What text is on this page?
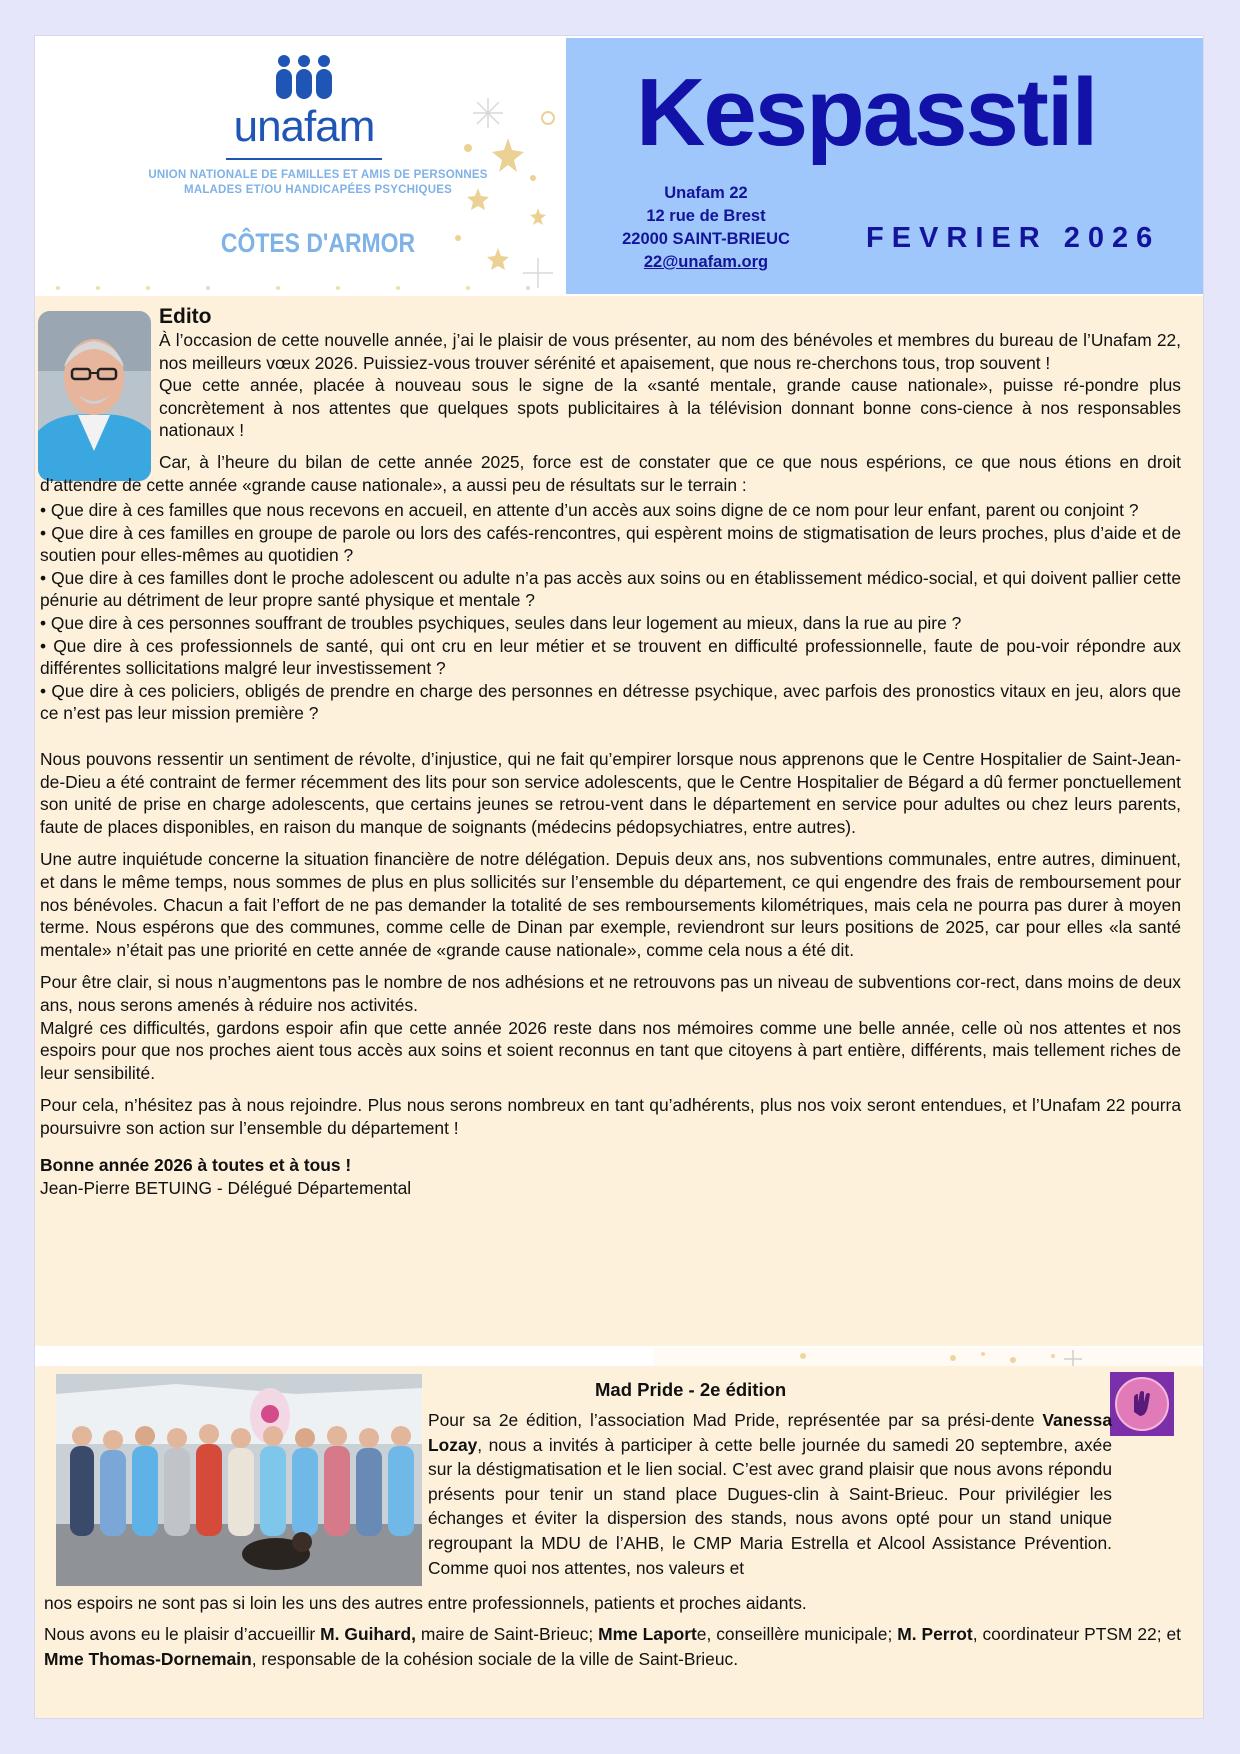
unafam
UNION NATIONALE DE FAMILLES ET AMIS DE PERSONNES
MALADES ET/OU HANDICAPÉES PSYCHIQUES
CÔTES D'ARMOR
Kespasstil
Unafam 22
12 rue de Brest
22000 SAINT-BRIEUC
22@unafam.org
FEVRIER 2026
Edito

À l’occasion de cette nouvelle année, j’ai le plaisir de vous présenter, au nom des bénévoles et membres du bureau de l’Unafam 22, nos meilleurs vœux 2026. Puissiez-vous trouver sérénité et apaisement, que nous re-cherchons tous, trop souvent !

Que cette année, placée à nouveau sous le signe de la «santé mentale, grande cause nationale», puisse ré-pondre plus concrètement à nos attentes que quelques spots publicitaires à la télévision donnant bonne cons-cience à nos responsables nationaux !

Car, à l’heure du bilan de cette année 2025, force est de constater que ce que nous espérions, ce que nous étions en droit d’attendre de cette année «grande cause nationale», a aussi peu de résultats sur le terrain :

• Que dire à ces familles que nous recevons en accueil, en attente d’un accès aux soins digne de ce nom pour leur enfant, parent ou conjoint ?

• Que dire à ces familles en groupe de parole ou lors des cafés-rencontres, qui espèrent moins de stigmatisation de leurs proches, plus d’aide et de soutien pour elles-mêmes au quotidien ?

• Que dire à ces familles dont le proche adolescent ou adulte n’a pas accès aux soins ou en établissement médico-social, et qui doivent pallier cette pénurie au détriment de leur propre santé physique et mentale ?

• Que dire à ces personnes souffrant de troubles psychiques, seules dans leur logement au mieux, dans la rue au pire ?

• Que dire à ces professionnels de santé, qui ont cru en leur métier et se trouvent en difficulté professionnelle, faute de pou-voir répondre aux différentes sollicitations malgré leur investissement ?

• Que dire à ces policiers, obligés de prendre en charge des personnes en détresse psychique, avec parfois des pronostics vitaux en jeu, alors que ce n’est pas leur mission première ?

Nous pouvons ressentir un sentiment de révolte, d’injustice, qui ne fait qu’empirer lorsque nous apprenons que le Centre Hospitalier de Saint-Jean-de-Dieu a été contraint de fermer récemment des lits pour son service adolescents, que le Centre Hospitalier de Bégard a dû fermer ponctuellement son unité de prise en charge adolescents, que certains jeunes se retrou-vent dans le département en service pour adultes ou chez leurs parents, faute de places disponibles, en raison du manque de soignants (médecins pédopsychiatres, entre autres).

Une autre inquiétude concerne la situation financière de notre délégation. Depuis deux ans, nos subventions communales, entre autres, diminuent, et dans le même temps, nous sommes de plus en plus sollicités sur l’ensemble du département, ce qui engendre des frais de remboursement pour nos bénévoles. Chacun a fait l’effort de ne pas demander la totalité de ses remboursements kilométriques, mais cela ne pourra pas durer à moyen terme. Nous espérons que des communes, comme celle de Dinan par exemple, reviendront sur leurs positions de 2025, car pour elles «la santé mentale» n’était pas une priorité en cette année de «grande cause nationale», comme cela nous a été dit.

Pour être clair, si nous n’augmentons pas le nombre de nos adhésions et ne retrouvons pas un niveau de subventions cor-rect, dans moins de deux ans, nous serons amenés à réduire nos activités.

Malgré ces difficultés, gardons espoir afin que cette année 2026 reste dans nos mémoires comme une belle année, celle où nos attentes et nos espoirs pour que nos proches aient tous accès aux soins et soient reconnus en tant que citoyens à part entière, différents, mais tellement riches de leur sensibilité.

Pour cela, n’hésitez pas à nous rejoindre. Plus nous serons nombreux en tant qu’adhérents, plus nos voix seront entendues, et l’Unafam 22 pourra poursuivre son action sur l’ensemble du département !

Bonne année 2026 à toutes et à tous !
Jean-Pierre BETUING - Délégué Départemental
Mad Pride - 2e édition
Pour sa 2e édition, l’association Mad Pride, représentée par sa prési-dente Vanessa Lozay, nous a invités à participer à cette belle journée du samedi 20 septembre, axée sur la déstigmatisation et le lien social. C’est avec grand plaisir que nous avons répondu présents pour tenir un stand place Dugues-clin à Saint-Brieuc. Pour privilégier les échanges et éviter la dispersion des stands, nous avons opté pour un stand unique regroupant la MDU de l’AHB, le CMP Maria Estrella et Alcool Assistance Prévention. Comme quoi nos attentes, nos valeurs et
nos espoirs ne sont pas si loin les uns des autres entre professionnels, patients et proches aidants.
Nous avons eu le plaisir d’accueillir M. Guihard, maire de Saint-Brieuc; Mme Laporte, conseillère municipale; M. Perrot, coordinateur PTSM 22; et Mme Thomas-Dornemain, responsable de la cohésion sociale de la ville de Saint-Brieuc.
